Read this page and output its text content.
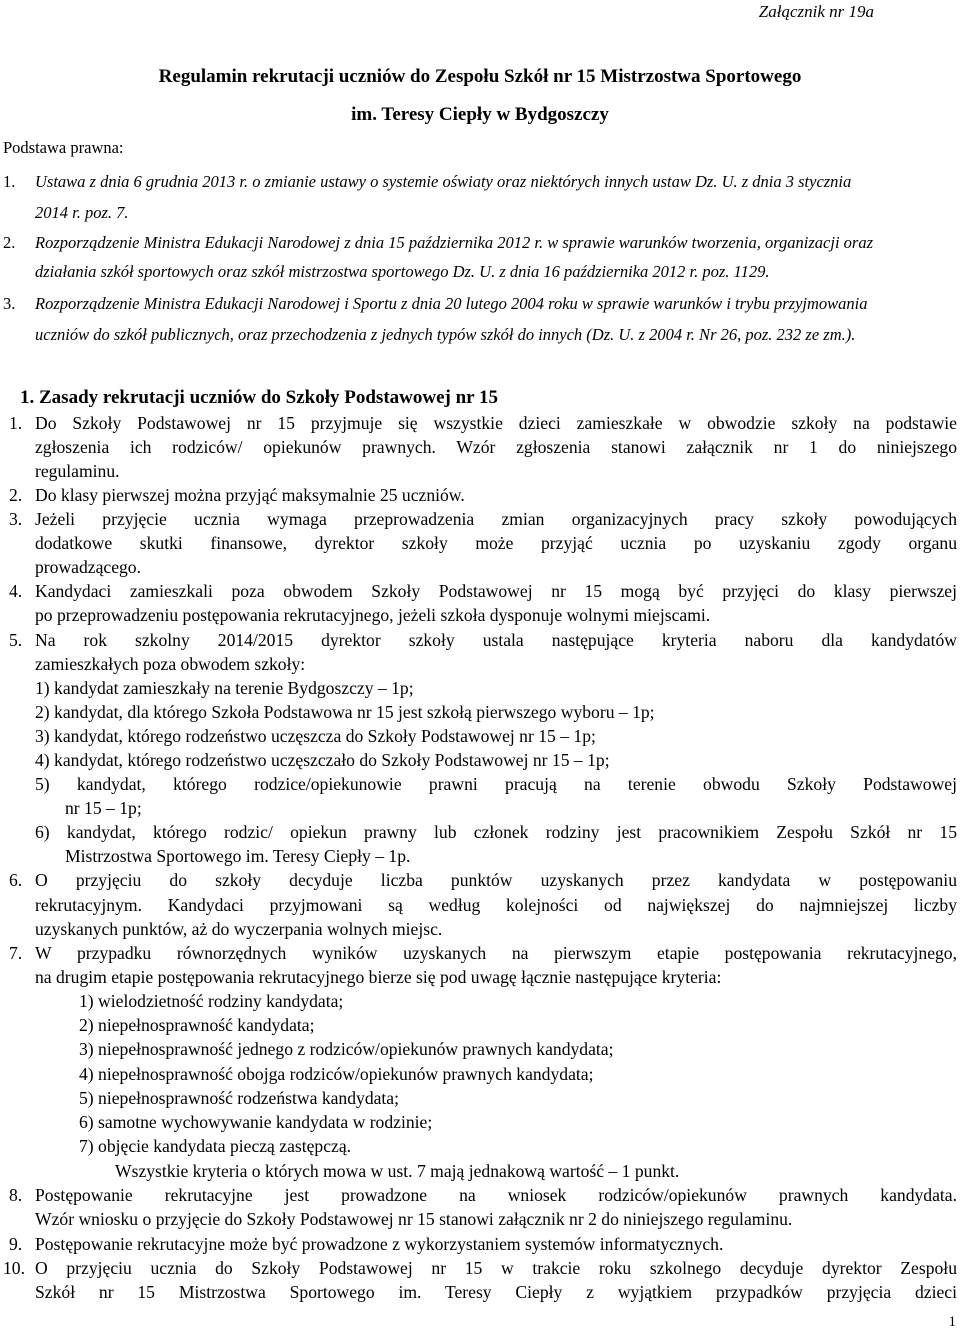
Załącznik nr 19a
Regulamin rekrutacji uczniów do Zespołu Szkół nr 15 Mistrzostwa Sportowego
im. Teresy Ciepły w Bydgoszczy
Podstawa prawna:
1. Ustawa z dnia 6 grudnia 2013 r. o zmianie ustawy o systemie oświaty oraz niektórych innych ustaw Dz. U. z dnia 3 stycznia
2014 r. poz. 7.
2. Rozporządzenie Ministra Edukacji Narodowej z dnia 15 października 2012 r. w sprawie warunków tworzenia, organizacji oraz
działania szkół sportowych oraz szkół mistrzostwa sportowego Dz. U. z dnia 16 października 2012 r. poz. 1129.
3. Rozporządzenie Ministra Edukacji Narodowej i Sportu z dnia 20 lutego 2004 roku w sprawie warunków i trybu przyjmowania
uczniów do szkół publicznych, oraz przechodzenia z jednych typów szkół do innych (Dz. U. z 2004 r. Nr 26, poz. 232 ze zm.).
1. Zasady rekrutacji uczniów do Szkoły Podstawowej nr 15
1. Do Szkoły Podstawowej nr 15 przyjmuje się wszystkie dzieci zamieszkałe w obwodzie szkoły na podstawie
zgłoszenia ich rodziców/ opiekunów prawnych. Wzór zgłoszenia stanowi załącznik nr 1 do niniejszego
regulaminu.
2. Do klasy pierwszej można przyjąć maksymalnie 25 uczniów.
3. Jeżeli przyjęcie ucznia wymaga przeprowadzenia zmian organizacyjnych pracy szkoły powodujących
dodatkowe skutki finansowe, dyrektor szkoły może przyjąć ucznia po uzyskaniu zgody organu
prowadzącego.
4. Kandydaci zamieszkali poza obwodem Szkoły Podstawowej nr 15 mogą być przyjęci do klasy pierwszej
po przeprowadzeniu postępowania rekrutacyjnego, jeżeli szkoła dysponuje wolnymi miejscami.
5. Na rok szkolny 2014/2015 dyrektor szkoły ustala następujące kryteria naboru dla kandydatów
zamieszkałych poza obwodem szkoły:
1) kandydat zamieszkały na terenie Bydgoszczy – 1p;
2) kandydat, dla którego Szkoła Podstawowa nr 15 jest szkołą pierwszego wyboru – 1p;
3) kandydat, którego rodzeństwo uczęszcza do Szkoły Podstawowej nr 15 – 1p;
4) kandydat, którego rodzeństwo uczęszczało do Szkoły Podstawowej nr 15 – 1p;
5) kandydat, którego rodzice/opiekunowie prawni pracują na terenie obwodu Szkoły Podstawowej
nr 15 – 1p;
6) kandydat, którego rodzic/ opiekun prawny lub członek rodziny jest pracownikiem Zespołu Szkół nr 15
Mistrzostwa Sportowego im. Teresy Ciepły – 1p.
6. O przyjęciu do szkoły decyduje liczba punktów uzyskanych przez kandydata w postępowaniu
rekrutacyjnym. Kandydaci przyjmowani są według kolejności od największej do najmniejszej liczby
uzyskanych punktów, aż do wyczerpania wolnych miejsc.
7. W przypadku równorzędnych wyników uzyskanych na pierwszym etapie postępowania rekrutacyjnego,
na drugim etapie postępowania rekrutacyjnego bierze się pod uwagę łącznie następujące kryteria:
1) wielodzietność rodziny kandydata;
2) niepełnosprawność kandydata;
3) niepełnosprawność jednego z rodziców/opiekunów prawnych kandydata;
4) niepełnosprawność obojga rodziców/opiekunów prawnych kandydata;
5) niepełnosprawność rodzeństwa kandydata;
6) samotne wychowywanie kandydata w rodzinie;
7) objęcie kandydata pieczą zastępczą.
Wszystkie kryteria o których mowa w ust. 7 mają jednakową wartość – 1 punkt.
8. Postępowanie rekrutacyjne jest prowadzone na wniosek rodziców/opiekunów prawnych kandydata.
Wzór wniosku o przyjęcie do Szkoły Podstawowej nr 15 stanowi załącznik nr 2 do niniejszego regulaminu.
9. Postępowanie rekrutacyjne może być prowadzone z wykorzystaniem systemów informatycznych.
10. O przyjęciu ucznia do Szkoły Podstawowej nr 15 w trakcie roku szkolnego decyduje dyrektor Zespołu
Szkół nr 15 Mistrzostwa Sportowego im. Teresy Ciepły z wyjątkiem przypadków przyjęcia dzieci
1
